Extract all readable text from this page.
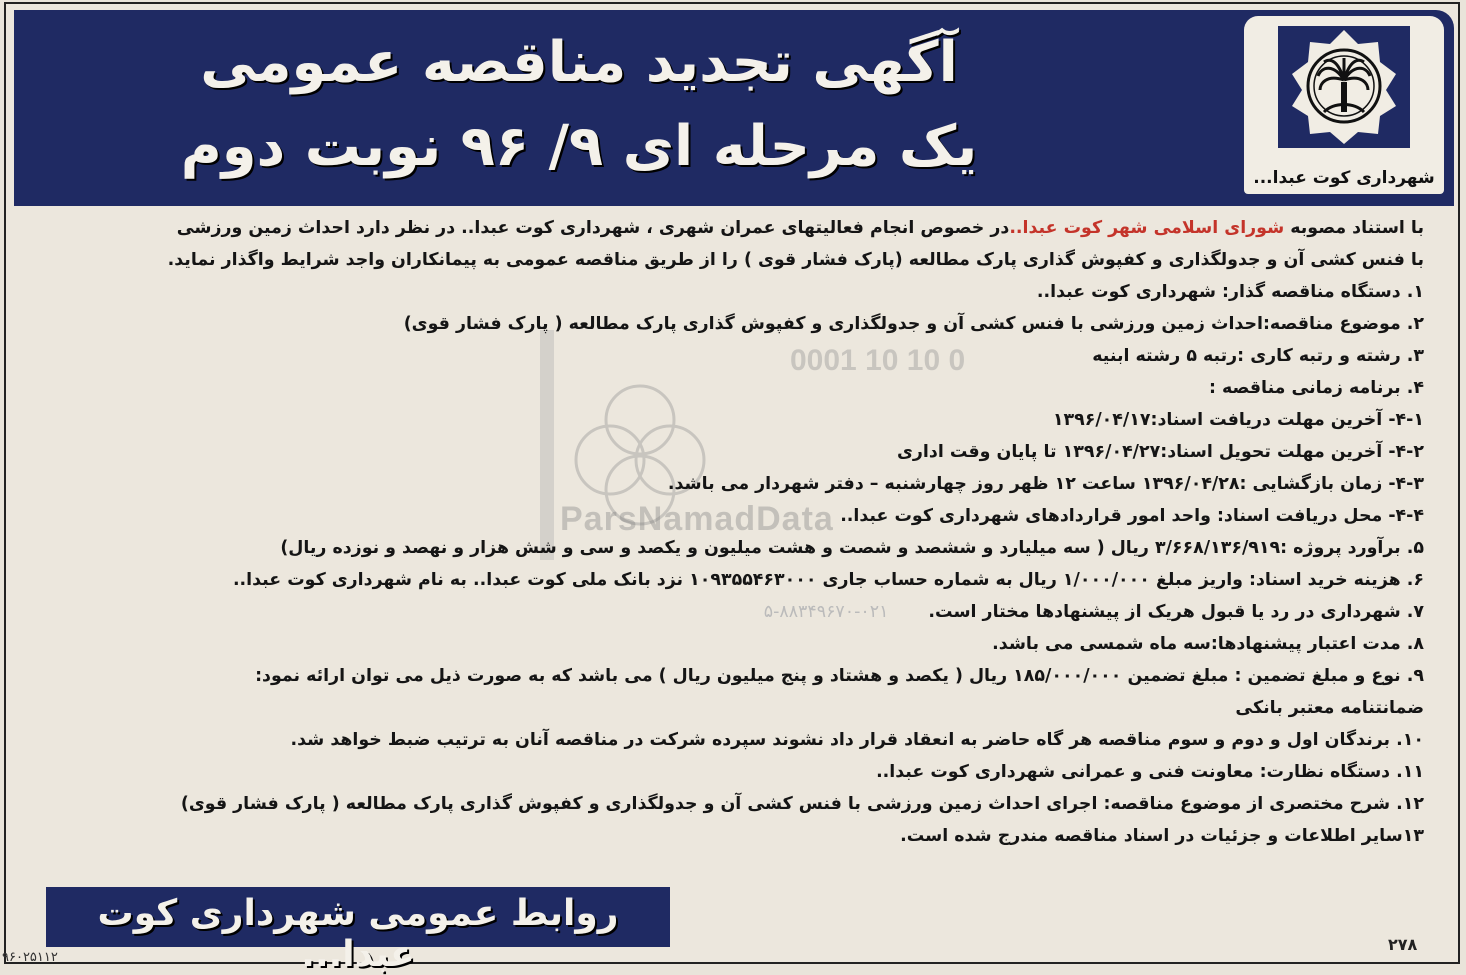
آگهی تجدید مناقصه عمومی
یک مرحله ای ۹/ ۹۶ نوبت دوم	شهرداری کوت عبدا...
0001 10 10 0
ParsNamadData

با استناد مصوبه شورای اسلامی شهر کوت عبدا..در خصوص انجام فعالیتهای عمران شهری ، شهرداری کوت عبدا.. در نظر دارد احداث زمین ورزشی

با فنس کشی آن و جدولگذاری و کفپوش گذاری پارک مطالعه (پارک فشار قوی ) را از طریق مناقصه عمومی به پیمانکاران واجد شرایط واگذار نماید.

۱. دستگاه مناقصه گذار: شهرداری کوت عبدا..

۲. موضوع مناقصه:احداث زمین ورزشی با فنس کشی آن و جدولگذاری و کفپوش گذاری پارک مطالعه ( پارک فشار قوی)

۳. رشته و رتبه کاری :رتبه ۵ رشته ابنیه

۴. برنامه زمانی مناقصه :

۴-۱- آخرین مهلت دریافت اسناد:۱۳۹۶/۰۴/۱۷

۴-۲- آخرین مهلت تحویل اسناد:۱۳۹۶/۰۴/۲۷ تا پایان وقت اداری

۴-۳- زمان بازگشایی :۱۳۹۶/۰۴/۲۸ ساعت ۱۲ ظهر روز چهارشنبه – دفتر شهردار می باشد.

۴-۴- محل دریافت اسناد: واحد امور قراردادهای شهرداری کوت عبدا..

۵. برآورد پروژه :۳/۶۶۸/۱۳۶/۹۱۹ ریال ( سه میلیارد و ششصد و شصت و هشت میلیون و یکصد و سی و شش هزار و نهصد و نوزده ریال)

۶. هزینه خرید اسناد: واریز مبلغ ۱/۰۰۰/۰۰۰ ریال به شماره حساب جاری ۱۰۹۳۵۵۴۶۳۰۰۰ نزد بانک ملی کوت عبدا.. به نام شهرداری کوت عبدا..

۷. شهرداری در رد یا قبول هریک از پیشنهادها مختار است.۰۲۱-۸۸۳۴۹۶۷۰-۵

۸. مدت اعتبار پیشنهادها:سه ماه شمسی می باشد.

۹. نوع و مبلغ تضمین : مبلغ تضمین ۱۸۵/۰۰۰/۰۰۰ ریال ( یکصد و هشتاد و پنج میلیون ریال ) می باشد که به صورت ذیل می توان ارائه نمود:

ضمانتنامه معتبر بانکی

۱۰. برندگان اول و دوم و سوم مناقصه هر گاه حاضر به انعقاد قرار داد نشوند سپرده شرکت در مناقصه آنان به ترتیب ضبط خواهد شد.

۱۱. دستگاه نظارت: معاونت فنی و عمرانی شهرداری کوت عبدا..

۱۲. شرح مختصری از موضوع مناقصه: اجرای احداث زمین ورزشی با فنس کشی آن و جدولگذاری و کفپوش گذاری پارک مطالعه ( پارک فشار قوی)

۱۳سایر اطلاعات و جزئیات در اسناد مناقصه مندرج شده است.

روابط عمومی شهرداری کوت عبدا...	۲۷۸
۹۶۰۲۵۱۱۲
